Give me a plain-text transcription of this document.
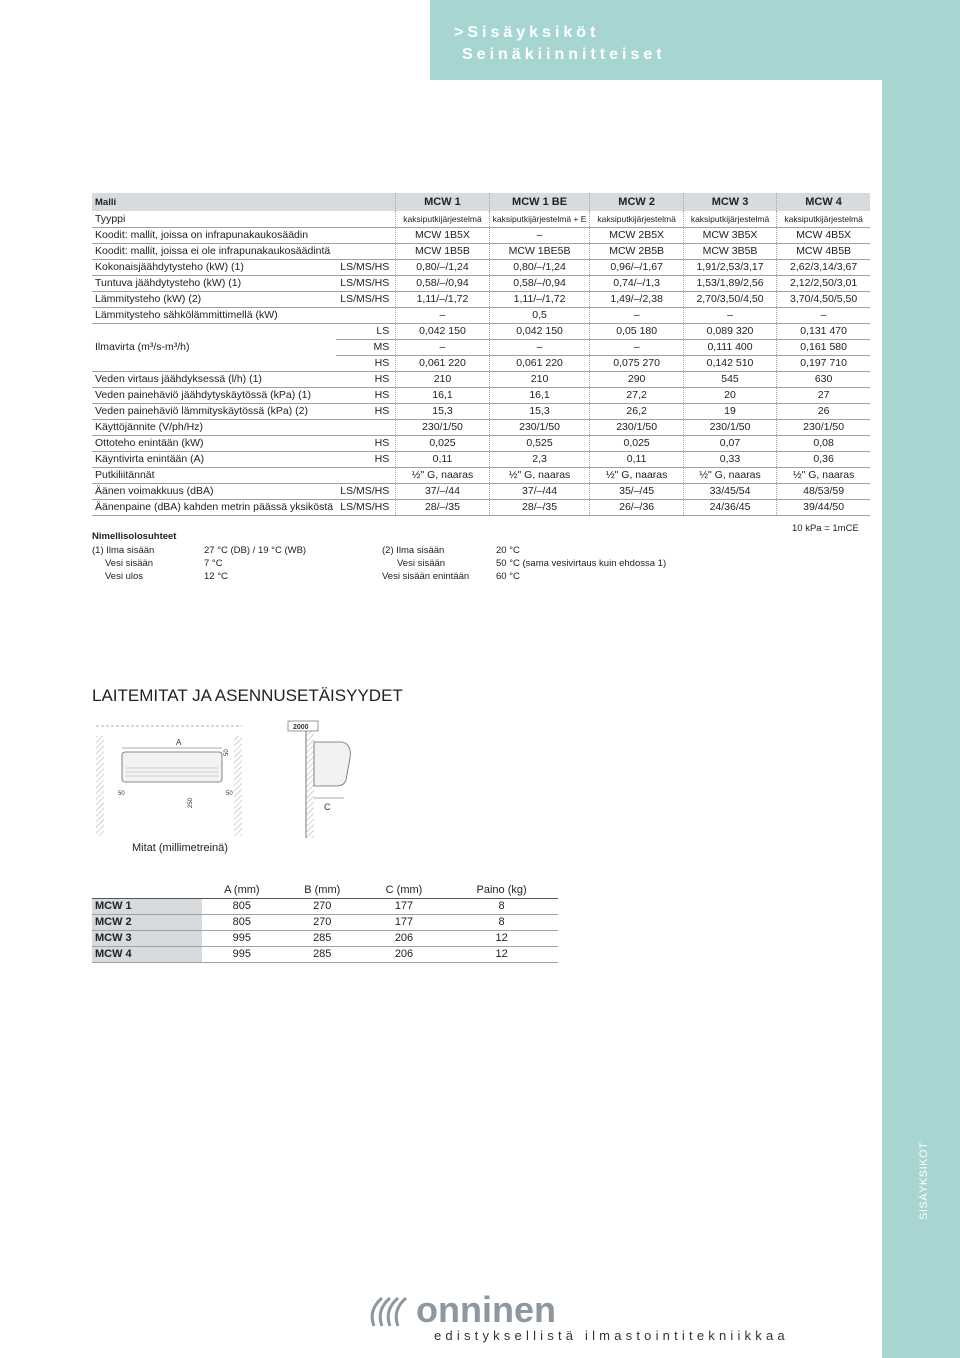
>Sisäyksiköt
Seinäkiinnitteiset
SISÄYKSIKÖT
3
Malli		MCW 1	MCW 1 BE	MCW 2	MCW 3	MCW 4
Tyyppi		kaksiputkijärjestelmä	kaksiputkijärjestelmä + E	kaksiputkijärjestelmä	kaksiputkijärjestelmä	kaksiputkijärjestelmä
Koodit: mallit, joissa on infrapunakaukosäädin		MCW 1B5X	–	MCW 2B5X	MCW 3B5X	MCW 4B5X
Koodit: mallit, joissa ei ole infrapunakaukosäädintä		MCW 1B5B	MCW 1BE5B	MCW 2B5B	MCW 3B5B	MCW 4B5B
Kokonaisjäähdytysteho (kW) (1)	LS/MS/HS	0,80/–/1,24	0,80/–/1,24	0,96/–/1,67	1,91/2,53/3,17	2,62/3,14/3,67
Tuntuva jäähdytysteho (kW) (1)	LS/MS/HS	0,58/–/0,94	0,58/–/0,94	0,74/–/1,3	1,53/1,89/2,56	2,12/2,50/3,01
Lämmitysteho (kW) (2)	LS/MS/HS	1,11/–/1,72	1,11/–/1,72	1,49/–/2,38	2,70/3,50/4,50	3,70/4,50/5,50
Lämmitysteho sähkölämmittimellä (kW)		–	0,5	–	–	–
Ilmavirta (m³/s-m³/h)	LS	0,042 150	0,042 150	0,05 180	0,089 320	0,131 470
	MS	–	–	–	0,111 400	0,161 580
	HS	0,061 220	0,061 220	0,075 270	0,142 510	0,197 710
Veden virtaus jäähdyksessä (l/h) (1)	HS	210	210	290	545	630
Veden painehäviö jäähdytyskäytössä (kPa) (1)	HS	16,1	16,1	27,2	20	27
Veden painehäviö lämmityskäytössä (kPa) (2)	HS	15,3	15,3	26,2	19	26
Käyttöjännite (V/ph/Hz)		230/1/50	230/1/50	230/1/50	230/1/50	230/1/50
Ottoteho enintään (kW)	HS	0,025	0,525	0,025	0,07	0,08
Käyntivirta enintään (A)	HS	0,11	2,3	0,11	0,33	0,36
Putkiliitännät		½" G, naaras	½" G, naaras	½" G, naaras	½" G, naaras	½" G, naaras
Äänen voimakkuus (dBA)	LS/MS/HS	37/–/44	37/–/44	35/–/45	33/45/54	48/53/59
Äänenpaine (dBA) kahden metrin päässä yksiköstä	LS/MS/HS	28/–/35	28/–/35	26/–/36	24/36/45	39/44/50
10 kPa = 1mCE
Nimellisolosuhteet
(1) Ilma sisään	27 °C (DB) / 19 °C (WB)
Vesi sisään	7 °C
Vesi ulos	12 °C
(2) Ilma sisään	20 °C
Vesi sisään	50 °C (sama vesivirtaus kuin ehdossa 1)
Vesi sisään enintään	60 °C
LAITEMITAT JA ASENNUSETÄISYYDET
A
50
50	50
250
2000
C
Mitat (millimetreinä)
	A (mm)	B (mm)	C (mm)	Paino (kg)
MCW 1	805	270	177	8
MCW 2	805	270	177	8
MCW 3	995	285	206	12
MCW 4	995	285	206	12
onninen
edistyksellistä ilmastointitekniikkaa
